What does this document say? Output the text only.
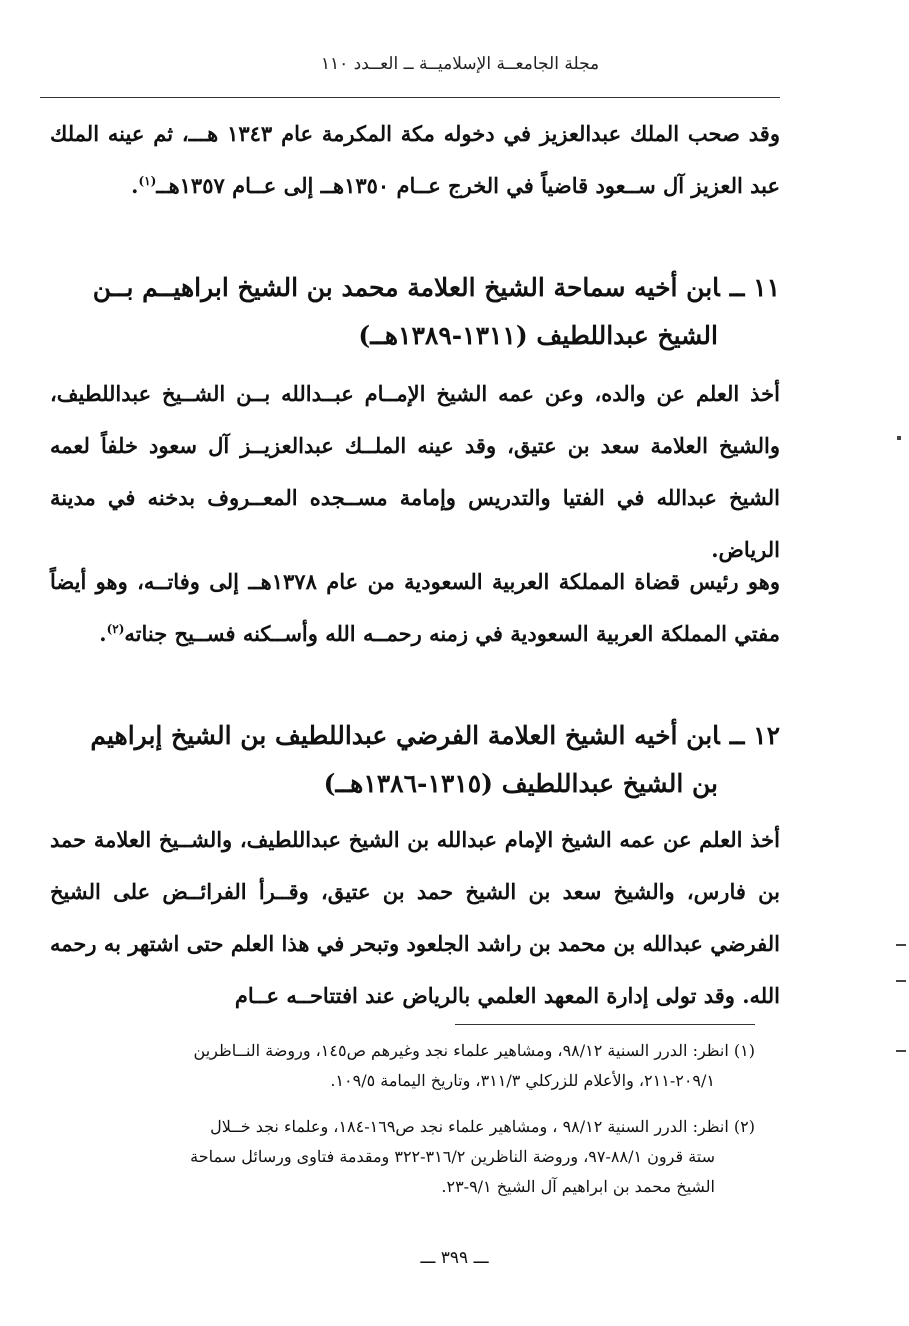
مجلة الجامعــة الإسلاميــة ــ العــدد ١١٠

وقد صحب الملك عبدالعزيز في دخوله مكة المكرمة عام ١٣٤٣ هـــ، ثم عينه الملك عبد العزيز آل ســعود قاضياً في الخرج عــام ١٣٥٠هــ إلى عــام ١٣٥٧هــ$^{(١)}$.

١١ ــابن أخيه سماحة الشيخ العلامة محمد بن الشيخ ابراهيــم بــن
الشيخ عبداللطيف (١٣١١-١٣٨٩هــ)

أخذ العلم عن والده، وعن عمه الشيخ الإمــام عبــدالله بــن الشــيخ عبداللطيف، والشيخ العلامة سعد بن عتيق، وقد عينه الملــك عبدالعزيــز آل سعود خلفاً لعمه الشيخ عبدالله في الفتيا والتدريس وإمامة مســجده المعــروف بدخنه في مدينة الرياض.

وهو رئيس قضاة المملكة العربية السعودية من عام ١٣٧٨هــ إلى وفاتــه، وهو أيضاً مفتي المملكة العربية السعودية في زمنه رحمــه الله وأســكنه فســيح جناته$^{(٢)}$.

١٢ ــابن أخيه الشيخ العلامة الفرضي عبداللطيف بن الشيخ إبراهيم
بن الشيخ عبداللطيف (١٣١٥-١٣٨٦هــ)

أخذ العلم عن عمه الشيخ الإمام عبدالله بن الشيخ عبداللطيف، والشــيخ العلامة حمد بن فارس، والشيخ سعد بن الشيخ حمد بن عتيق، وقــرأ الفرائــض على الشيخ الفرضي عبدالله بن محمد بن راشد الجلعود وتبحر في هذا العلم حتى اشتهر به رحمه الله. وقد تولى إدارة المعهد العلمي بالرياض عند افتتاحــه عــام

(١) انظر: الدرر السنية ٩٨/١٢، ومشاهير علماء نجد وغيرهم ص١٤٥، وروضة النــاظرين
٢٠٩/١-٢١١، والأعلام للزركلي ٣١١/٣، وتاريخ اليمامة ١٠٩/٥.
(٢) انظر: الدرر السنية ٩٨/١٢ ، ومشاهير علماء نجد ص١٦٩-١٨٤، وعلماء نجد خــلال
ستة قرون ٨٨/١-٩٧، وروضة الناظرين ٣١٦/٢-٣٢٢ ومقدمة فتاوى ورسائل سماحة
الشيخ محمد بن ابراهيم آل الشيخ ٩/١-٢٣.
ـــ ٣٩٩ ـــ
